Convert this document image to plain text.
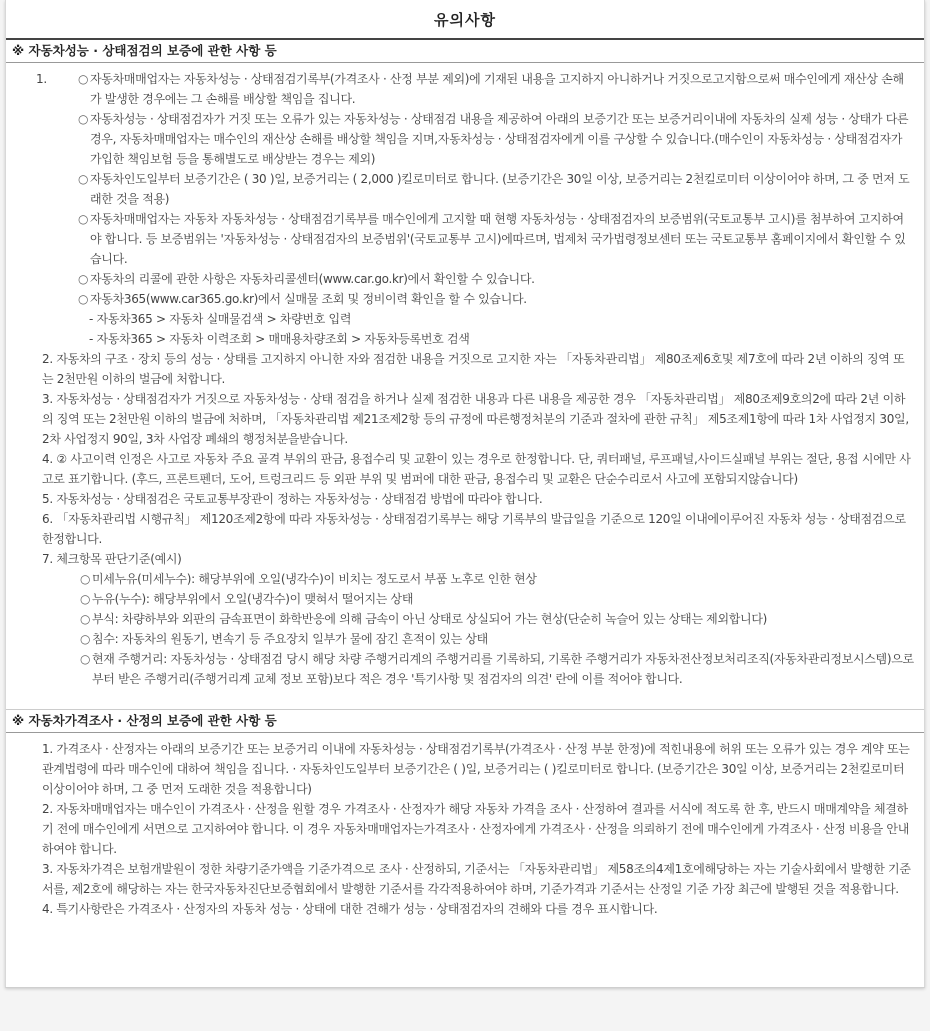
유의사항
※ 자동차성능 · 상태점검의 보증에 관한 사항 등
1.	○ 자동차매매업자는 자동차성능 · 상태점검기록부(가격조사 · 산정 부분 제외)에 기재된 내용을 고지하지 아니하거나 거짓으로고지함으로써 매수인에게 재산상 손해가 발생한 경우에는 그 손해를 배상할 책임을 집니다.
○ 자동차성능 · 상태점검자가 거짓 또는 오류가 있는 자동차성능 · 상태점검 내용을 제공하여 아래의 보증기간 또는 보증거리이내에 자동차의 실제 성능 · 상태가 다른 경우, 자동차매매업자는 매수인의 재산상 손해를 배상할 책임을 지며,자동차성능 · 상태점검자에게 이를 구상할 수 있습니다.(매수인이 자동차성능 · 상태점검자가 가입한 책임보험 등을 통해별도로 배상받는 경우는 제외)
○ 자동차인도일부터 보증기간은 ( 30 )일, 보증거리는 ( 2,000 )킬로미터로 합니다. (보증기간은 30일 이상, 보증거리는 2천킬로미터 이상이어야 하며, 그 중 먼저 도래한 것을 적용)
○ 자동차매매업자는 자동차 자동차성능 · 상태점검기록부를 매수인에게 고지할 때 현행 자동차성능 · 상태점검자의 보증범위(국토교통부 고시)를 첨부하여 고지하여야 합니다. 등 보증범위는 '자동차성능 · 상태점검자의 보증범위'(국토교통부 고시)에따르며, 법제처 국가법령정보센터 또는 국토교통부 홈페이지에서 확인할 수 있습니다.
○ 자동차의 리콜에 관한 사항은 자동차리콜센터(www.car.go.kr)에서 확인할 수 있습니다.
○ 자동차365(www.car365.go.kr)에서 실매물 조회 및 정비이력 확인을 할 수 있습니다.
- 자동차365 > 자동차 실매물검색 > 차량번호 입력
- 자동차365 > 자동차 이력조회 > 매매용차량조회 > 자동차등록번호 검색
2. 자동차의 구조 · 장치 등의 성능 · 상태를 고지하지 아니한 자와 점검한 내용을 거짓으로 고지한 자는 「자동차관리법」 제80조제6호및 제7호에 따라 2년 이하의 징역 또는 2천만원 이하의 벌금에 처합니다.
3. 자동차성능 · 상태점검자가 거짓으로 자동차성능 · 상태 점검을 하거나 실제 점검한 내용과 다른 내용을 제공한 경우 「자동차관리법」 제80조제9호의2에 따라 2년 이하의 징역 또는 2천만원 이하의 벌금에 처하며, 「자동차관리법 제21조제2항 등의 규정에 따른행정처분의 기준과 절차에 관한 규칙」 제5조제1항에 따라 1차 사업정지 30일, 2차 사업정지 90일, 3차 사업장 폐쇄의 행정처분을받습니다.
4. ② 사고이력 인정은 사고로 자동차 주요 골격 부위의 판금, 용접수리 및 교환이 있는 경우로 한정합니다. 단, 쿼터패널, 루프패널,사이드실패널 부위는 절단, 용접 시에만 사고로 표기합니다. (후드, 프론트펜더, 도어, 트렁크리드 등 외판 부위 및 범퍼에 대한 판금, 용접수리 및 교환은 단순수리로서 사고에 포함되지않습니다)
5. 자동차성능 · 상태점검은 국토교통부장관이 정하는 자동차성능 · 상태점검 방법에 따라야 합니다.
6. 「자동차관리법 시행규칙」 제120조제2항에 따라 자동차성능 · 상태점검기록부는 해당 기록부의 발급일을 기준으로 120일 이내에이루어진 자동차 성능 · 상태점검으로 한정합니다.
7. 체크항목 판단기준(예시)
○ 미세누유(미세누수): 해당부위에 오일(냉각수)이 비치는 정도로서 부품 노후로 인한 현상
○ 누유(누수): 해당부위에서 오일(냉각수)이 맺혀서 떨어지는 상태
○ 부식: 차량하부와 외판의 금속표면이 화학반응에 의해 금속이 아닌 상태로 상실되어 가는 현상(단순히 녹슬어 있는 상태는 제외합니다)
○ 침수: 자동차의 원동기, 변속기 등 주요장치 일부가 물에 잠긴 흔적이 있는 상태
○ 현재 주행거리: 자동차성능 · 상태점검 당시 해당 차량 주행거리계의 주행거리를 기록하되, 기록한 주행거리가 자동차전산정보처리조직(자동차관리정보시스템)으로부터 받은 주행거리(주행거리계 교체 정보 포함)보다 적은 경우 '특기사항 및 점검자의 의견' 란에 이를 적어야 합니다.
※ 자동차가격조사 · 산정의 보증에 관한 사항 등
1. 가격조사 · 산정자는 아래의 보증기간 또는 보증거리 이내에 자동차성능 · 상태점검기록부(가격조사 · 산정 부분 한정)에 적힌내용에 허위 또는 오류가 있는 경우 계약 또는 관계법령에 따라 매수인에 대하여 책임을 집니다. · 자동차인도일부터 보증기간은 ( )일, 보증거리는 ( )킬로미터로 합니다. (보증기간은 30일 이상, 보증거리는 2천킬로미터 이상이어야 하며, 그 중 먼저 도래한 것을 적용합니다)
2. 자동차매매업자는 매수인이 가격조사 · 산정을 원할 경우 가격조사 · 산정자가 해당 자동차 가격을 조사 · 산정하여 결과를 서식에 적도록 한 후, 반드시 매매계약을 체결하기 전에 매수인에게 서면으로 고지하여야 합니다. 이 경우 자동차매매업자는가격조사 · 산정자에게 가격조사 · 산정을 의뢰하기 전에 매수인에게 가격조사 · 산정 비용을 안내하여야 합니다.
3. 자동차가격은 보험개발원이 정한 차량기준가액을 기준가격으로 조사 · 산정하되, 기준서는 「자동차관리법」 제58조의4제1호에해당하는 자는 기술사회에서 발행한 기준서를, 제2호에 해당하는 자는 한국자동차진단보증협회에서 발행한 기준서를 각각적용하여야 하며, 기준가격과 기준서는 산정일 기준 가장 최근에 발행된 것을 적용합니다.
4. 특기사항란은 가격조사 · 산정자의 자동차 성능 · 상태에 대한 견해가 성능 · 상태점검자의 견해와 다를 경우 표시합니다.
